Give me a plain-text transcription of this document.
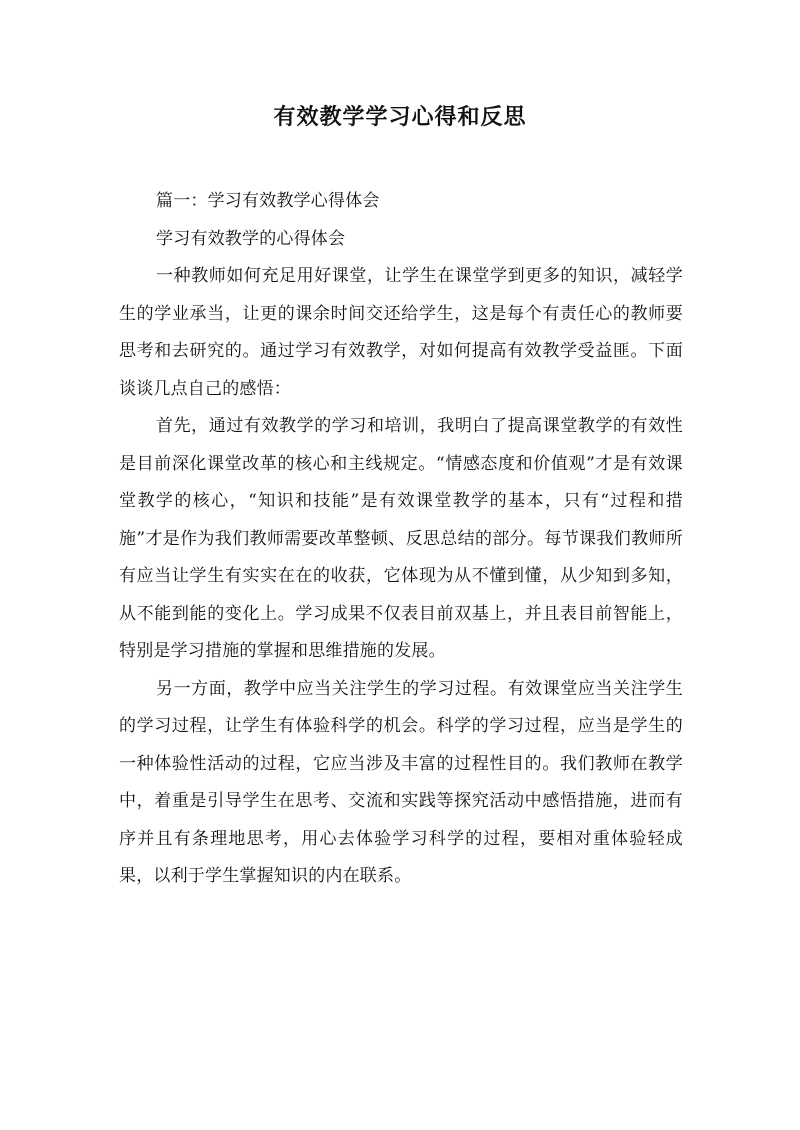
有效教学学习心得和反思

篇一：学习有效教学心得体会

学习有效教学的心得体会

一种教师如何充足用好课堂，让学生在课堂学到更多的知识，减轻学生的学业承当，让更的课余时间交还给学生，这是每个有责任心的教师要思考和去研究的。通过学习有效教学，对如何提高有效教学受益匪。下面谈谈几点自己的感悟：

首先，通过有效教学的学习和培训，我明白了提高课堂教学的有效性是目前深化课堂改革的核心和主线规定。“情感态度和价值观”才是有效课堂教学的核心，“知识和技能”是有效课堂教学的基本，只有“过程和措施”才是作为我们教师需要改革整顿、反思总结的部分。每节课我们教师所有应当让学生有实实在在的收获，它体现为从不懂到懂，从少知到多知，从不能到能的变化上。学习成果不仅表目前双基上，并且表目前智能上，特别是学习措施的掌握和思维措施的发展。

另一方面，教学中应当关注学生的学习过程。有效课堂应当关注学生的学习过程，让学生有体验科学的机会。科学的学习过程，应当是学生的一种体验性活动的过程，它应当涉及丰富的过程性目的。我们教师在教学中，着重是引导学生在思考、交流和实践等探究活动中感悟措施，进而有序并且有条理地思考，用心去体验学习科学的过程，要相对重体验轻成果，以利于学生掌握知识的内在联系。
